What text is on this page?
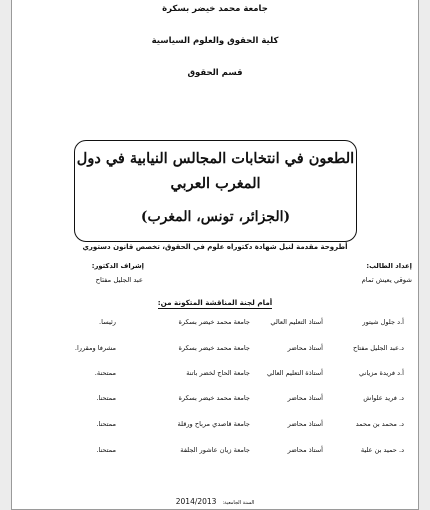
جامعة محمد خيضر بسكرة
كلية الحقوق والعلوم السياسية
قسم الحقوق
الطعون في انتخابات المجالس النيابية في دول
المغرب العربي
(الجزائر، تونس، المغرب)
أطروحة مقدمة لنيل شهادة دكتوراه علوم في الحقوق، تخصص قانون دستوري
إعداد الطالب:
شوقي يعيش تمام
إشراف الدكتور:
عبد الجليل مفتاح
أمام لجنة المناقشة المتكونة من:
أ.د جلول شيتور
أستاذ التعليم العالي
جامعة محمد خيضر بسكرة
رئيسا.
د.عبد الجليل مفتاح
أستاذ محاضر
جامعة محمد خيضر بسكرة
مشرفا ومقررا.
أ.د فريدة مزياني
أستاذة التعليم العالي
جامعة الحاج لخضر باتنة
ممتحنة.
د. فريد علواش
أستاذ محاضر
جامعة محمد خيضر بسكرة
ممتحنا.
د. محمد بن محمد
أستاذ محاضر
جامعة قاصدي مرباح ورقلة
ممتحنا.
د. حميد بن علية
أستاذ محاضر
جامعة زيان عاشور الجلفة
ممتحنا.
السنة الجامعية:2014/2013
